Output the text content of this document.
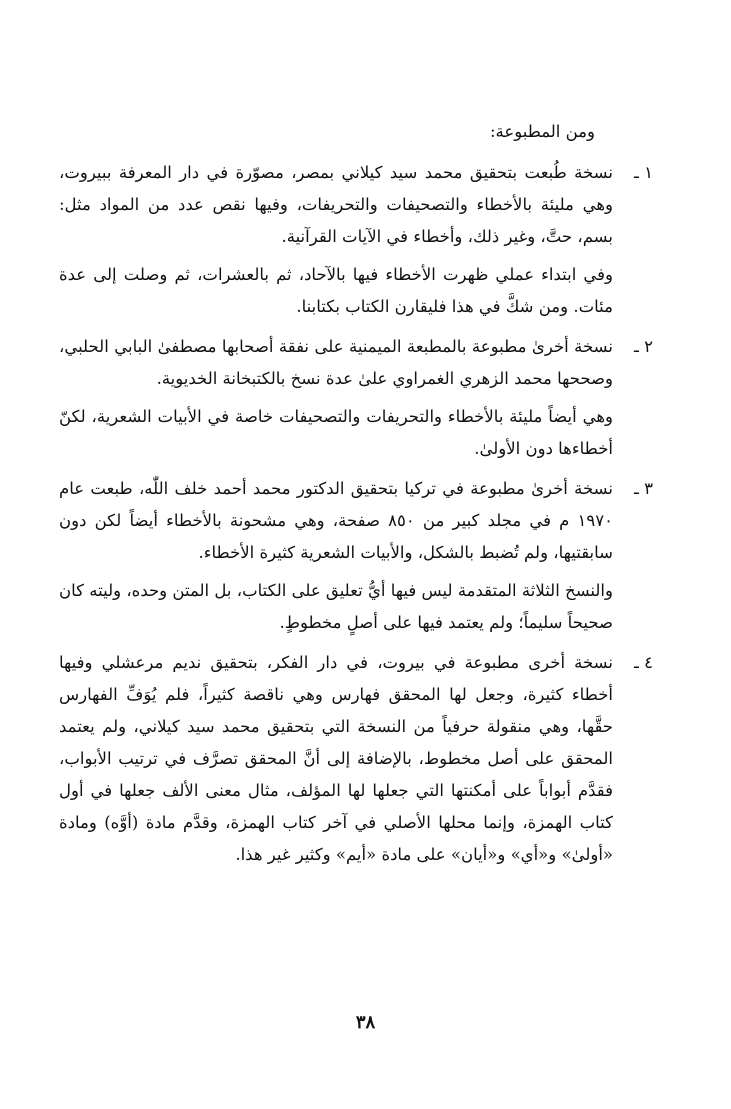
ومن المطبوعة:

١ ـ

نسخة طُبعت بتحقيق محمد سيد كيلاني بمصر، مصوّرة في دار المعرفة ببيروت، وهي مليئة بالأخطاء والتصحيفات والتحريفات، وفيها نقص عدد من المواد مثل: بسم، حتَّ، وغير ذلك، وأخطاء في الآيات القرآنية.

وفي ابتداء عملي ظهرت الأخطاء فيها بالآحاد، ثم بالعشرات، ثم وصلت إلى عدة مئات. ومن شكَّ في هذا فليقارن الكتاب بكتابنا.

٢ ـ

نسخة أخرىٰ مطبوعة بالمطبعة الميمنية على نفقة أصحابها مصطفىٰ البابي الحلبي، وصححها محمد الزهري الغمراوي علىٰ عدة نسخ بالكتبخانة الخديوية.

وهي أيضاً مليئة بالأخطاء والتحريفات والتصحيفات خاصة في الأبيات الشعرية، لكنّ أخطاءها دون الأولىٰ.

٣ ـ

نسخة أخرىٰ مطبوعة في تركيا بتحقيق الدكتور محمد أحمد خلف اللّٰه، طبعت عام ١٩٧٠ م في مجلد كبير من ٨٥٠ صفحة، وهي مشحونة بالأخطاء أيضاً لكن دون سابقتيها، ولم تُضبط بالشكل، والأبيات الشعرية كثيرة الأخطاء.

والنسخ الثلاثة المتقدمة ليس فيها أيُّ تعليق على الكتاب، بل المتن وحده، وليته كان صحيحاً سليماً؛ ولم يعتمد فيها على أصلٍ مخطوطٍ.

٤ ـ

نسخة أخرى مطبوعة في بيروت، في دار الفكر، بتحقيق نديم مرعشلي وفيها أخطاء كثيرة، وجعل لها المحقق فهارس وهي ناقصة كثيراً، فلم يُوَفِّ الفهارس حقَّها، وهي منقولة حرفياً من النسخة التي بتحقيق محمد سيد كيلاني، ولم يعتمد المحقق على أصل مخطوط، بالإضافة إلى أنَّ المحقق تصرَّف في ترتيب الأبواب، فقدَّم أبواباً على أمكنتها التي جعلها لها المؤلف، مثال معنى الألف جعلها في أول كتاب الهمزة، وإنما محلها الأصلي في آخر كتاب الهمزة، وقدَّم مادة (أوَّه) ومادة «أولىٰ» و«أي» و«أيان» على مادة «أيم» وكثير غير هذا.

٣٨
